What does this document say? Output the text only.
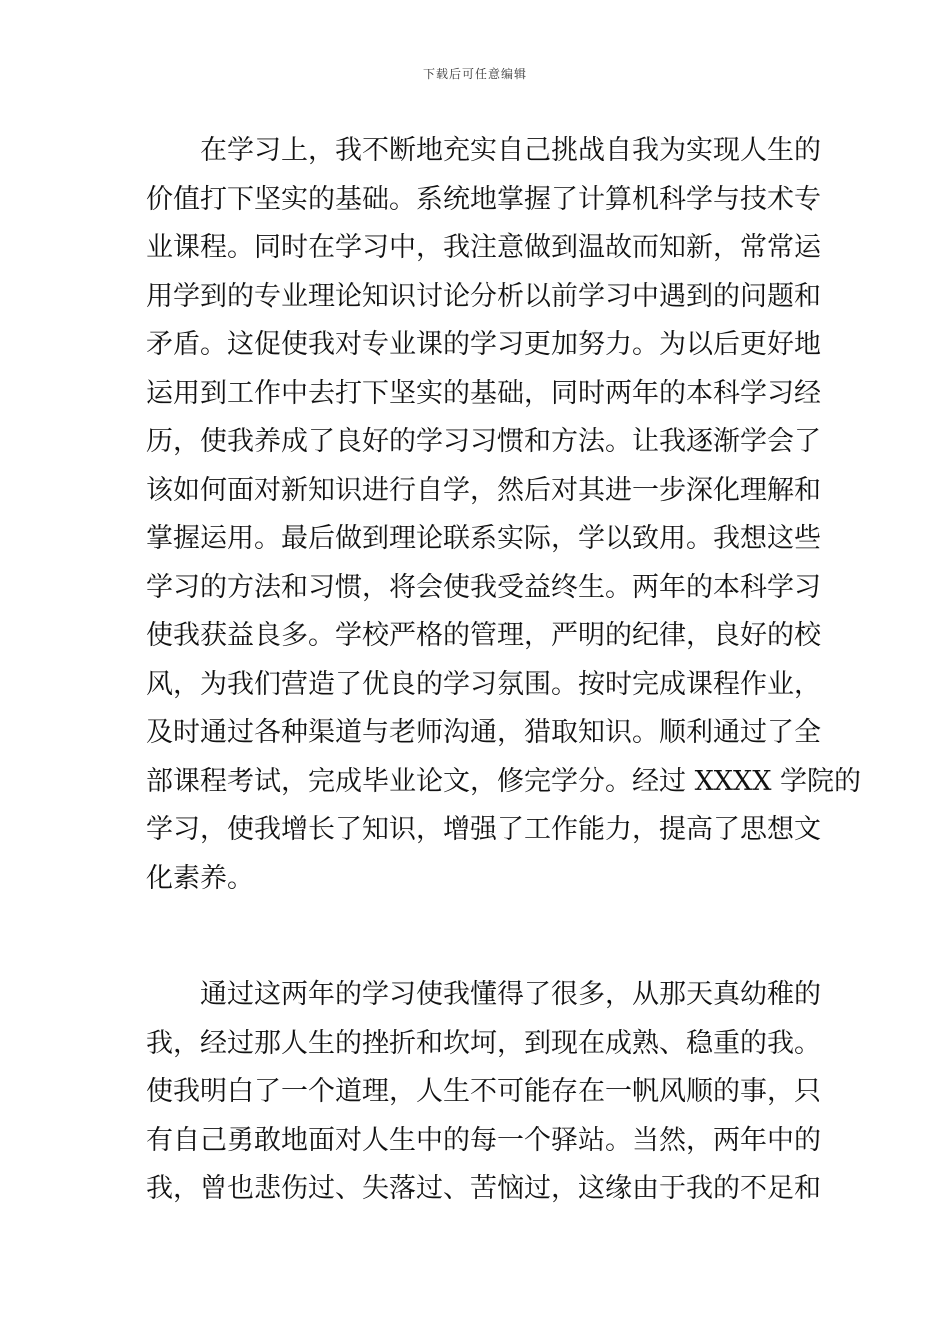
下载后可任意编辑
在学习上，我不断地充实自己挑战自我为实现人生的
价值打下坚实的基础。系统地掌握了计算机科学与技术专
业课程。同时在学习中，我注意做到温故而知新，常常运
用学到的专业理论知识讨论分析以前学习中遇到的问题和
矛盾。这促使我对专业课的学习更加努力。为以后更好地
运用到工作中去打下坚实的基础，同时两年的本科学习经
历，使我养成了良好的学习习惯和方法。让我逐渐学会了
该如何面对新知识进行自学，然后对其进一步深化理解和
掌握运用。最后做到理论联系实际，学以致用。我想这些
学习的方法和习惯，将会使我受益终生。两年的本科学习
使我获益良多。学校严格的管理，严明的纪律，良好的校
风，为我们营造了优良的学习氛围。按时完成课程作业，
及时通过各种渠道与老师沟通，猎取知识。顺利通过了全
部课程考试，完成毕业论文，修完学分。经过 XXXX 学院的
学习，使我增长了知识，增强了工作能力，提高了思想文
化素养。
通过这两年的学习使我懂得了很多，从那天真幼稚的
我，经过那人生的挫折和坎坷，到现在成熟、稳重的我。
使我明白了一个道理，人生不可能存在一帆风顺的事，只
有自己勇敢地面对人生中的每一个驿站。当然，两年中的
我，曾也悲伤过、失落过、苦恼过，这缘由于我的不足和
